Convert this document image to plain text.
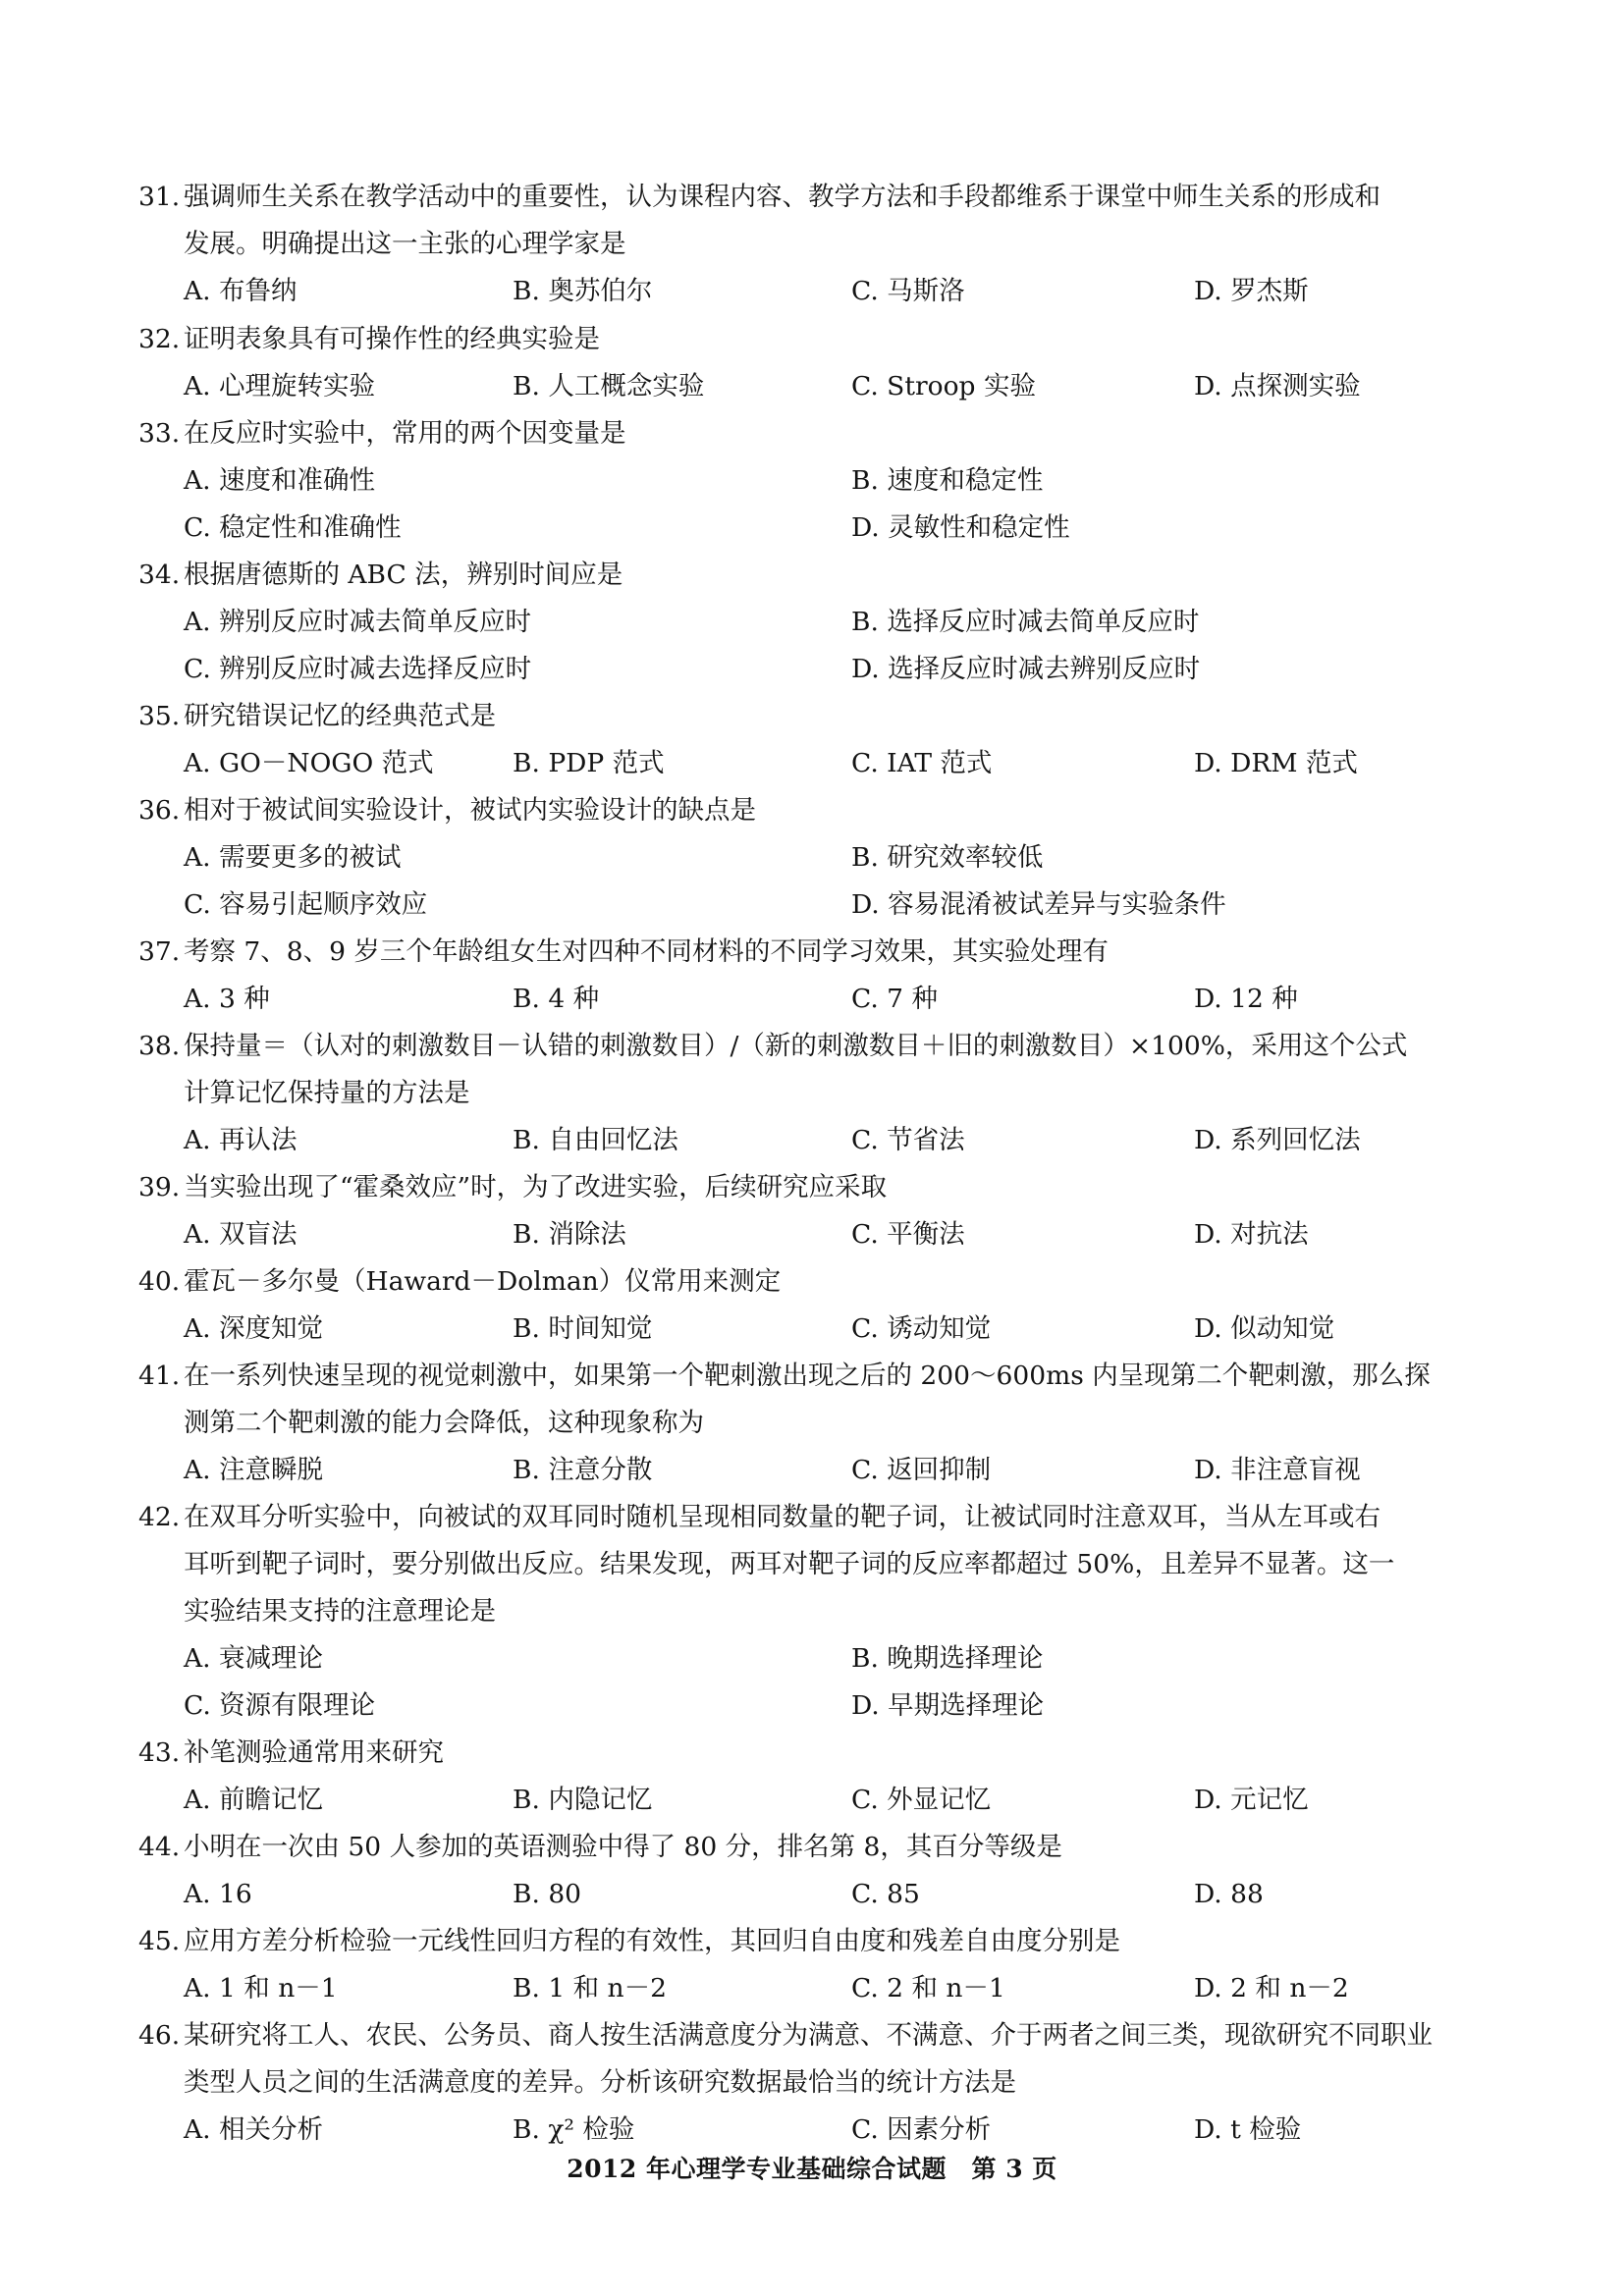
31. 强调师生关系在教学活动中的重要性，认为课程内容、教学方法和手段都维系于课堂中师生关系的形成和
发展。明确提出这一主张的心理学家是
A. 布鲁纳	B. 奥苏伯尔	C. 马斯洛	D. 罗杰斯
32. 证明表象具有可操作性的经典实验是
A. 心理旋转实验	B. 人工概念实验	C. Stroop 实验	D. 点探测实验
33. 在反应时实验中，常用的两个因变量是
A. 速度和准确性	B. 速度和稳定性
C. 稳定性和准确性	D. 灵敏性和稳定性
34. 根据唐德斯的 ABC 法，辨别时间应是
A. 辨别反应时减去简单反应时	B. 选择反应时减去简单反应时
C. 辨别反应时减去选择反应时	D. 选择反应时减去辨别反应时
35. 研究错误记忆的经典范式是
A. GO－NOGO 范式	B. PDP 范式	C. IAT 范式	D. DRM 范式
36. 相对于被试间实验设计，被试内实验设计的缺点是
A. 需要更多的被试	B. 研究效率较低
C. 容易引起顺序效应	D. 容易混淆被试差异与实验条件
37. 考察 7、8、9 岁三个年龄组女生对四种不同材料的不同学习效果，其实验处理有
A. 3 种	B. 4 种	C. 7 种	D. 12 种
38. 保持量＝（认对的刺激数目－认错的刺激数目）/（新的刺激数目＋旧的刺激数目）×100%，采用这个公式
计算记忆保持量的方法是
A. 再认法	B. 自由回忆法	C. 节省法	D. 系列回忆法
39. 当实验出现了“霍桑效应”时，为了改进实验，后续研究应采取
A. 双盲法	B. 消除法	C. 平衡法	D. 对抗法
40. 霍瓦－多尔曼（Haward－Dolman）仪常用来测定
A. 深度知觉	B. 时间知觉	C. 诱动知觉	D. 似动知觉
41. 在一系列快速呈现的视觉刺激中，如果第一个靶刺激出现之后的 200～600ms 内呈现第二个靶刺激，那么探
测第二个靶刺激的能力会降低，这种现象称为
A. 注意瞬脱	B. 注意分散	C. 返回抑制	D. 非注意盲视
42. 在双耳分听实验中，向被试的双耳同时随机呈现相同数量的靶子词，让被试同时注意双耳，当从左耳或右
耳听到靶子词时，要分别做出反应。结果发现，两耳对靶子词的反应率都超过 50%，且差异不显著。这一
实验结果支持的注意理论是
A. 衰减理论	B. 晚期选择理论
C. 资源有限理论	D. 早期选择理论
43. 补笔测验通常用来研究
A. 前瞻记忆	B. 内隐记忆	C. 外显记忆	D. 元记忆
44. 小明在一次由 50 人参加的英语测验中得了 80 分，排名第 8，其百分等级是
A. 16	B. 80	C. 85	D. 88
45. 应用方差分析检验一元线性回归方程的有效性，其回归自由度和残差自由度分别是
A. 1 和 n－1	B. 1 和 n－2	C. 2 和 n－1	D. 2 和 n－2
46. 某研究将工人、农民、公务员、商人按生活满意度分为满意、不满意、介于两者之间三类，现欲研究不同职业
类型人员之间的生活满意度的差异。分析该研究数据最恰当的统计方法是
A. 相关分析	B. χ² 检验	C. 因素分析	D. t 检验
2012 年心理学专业基础综合试题　第 3 页
